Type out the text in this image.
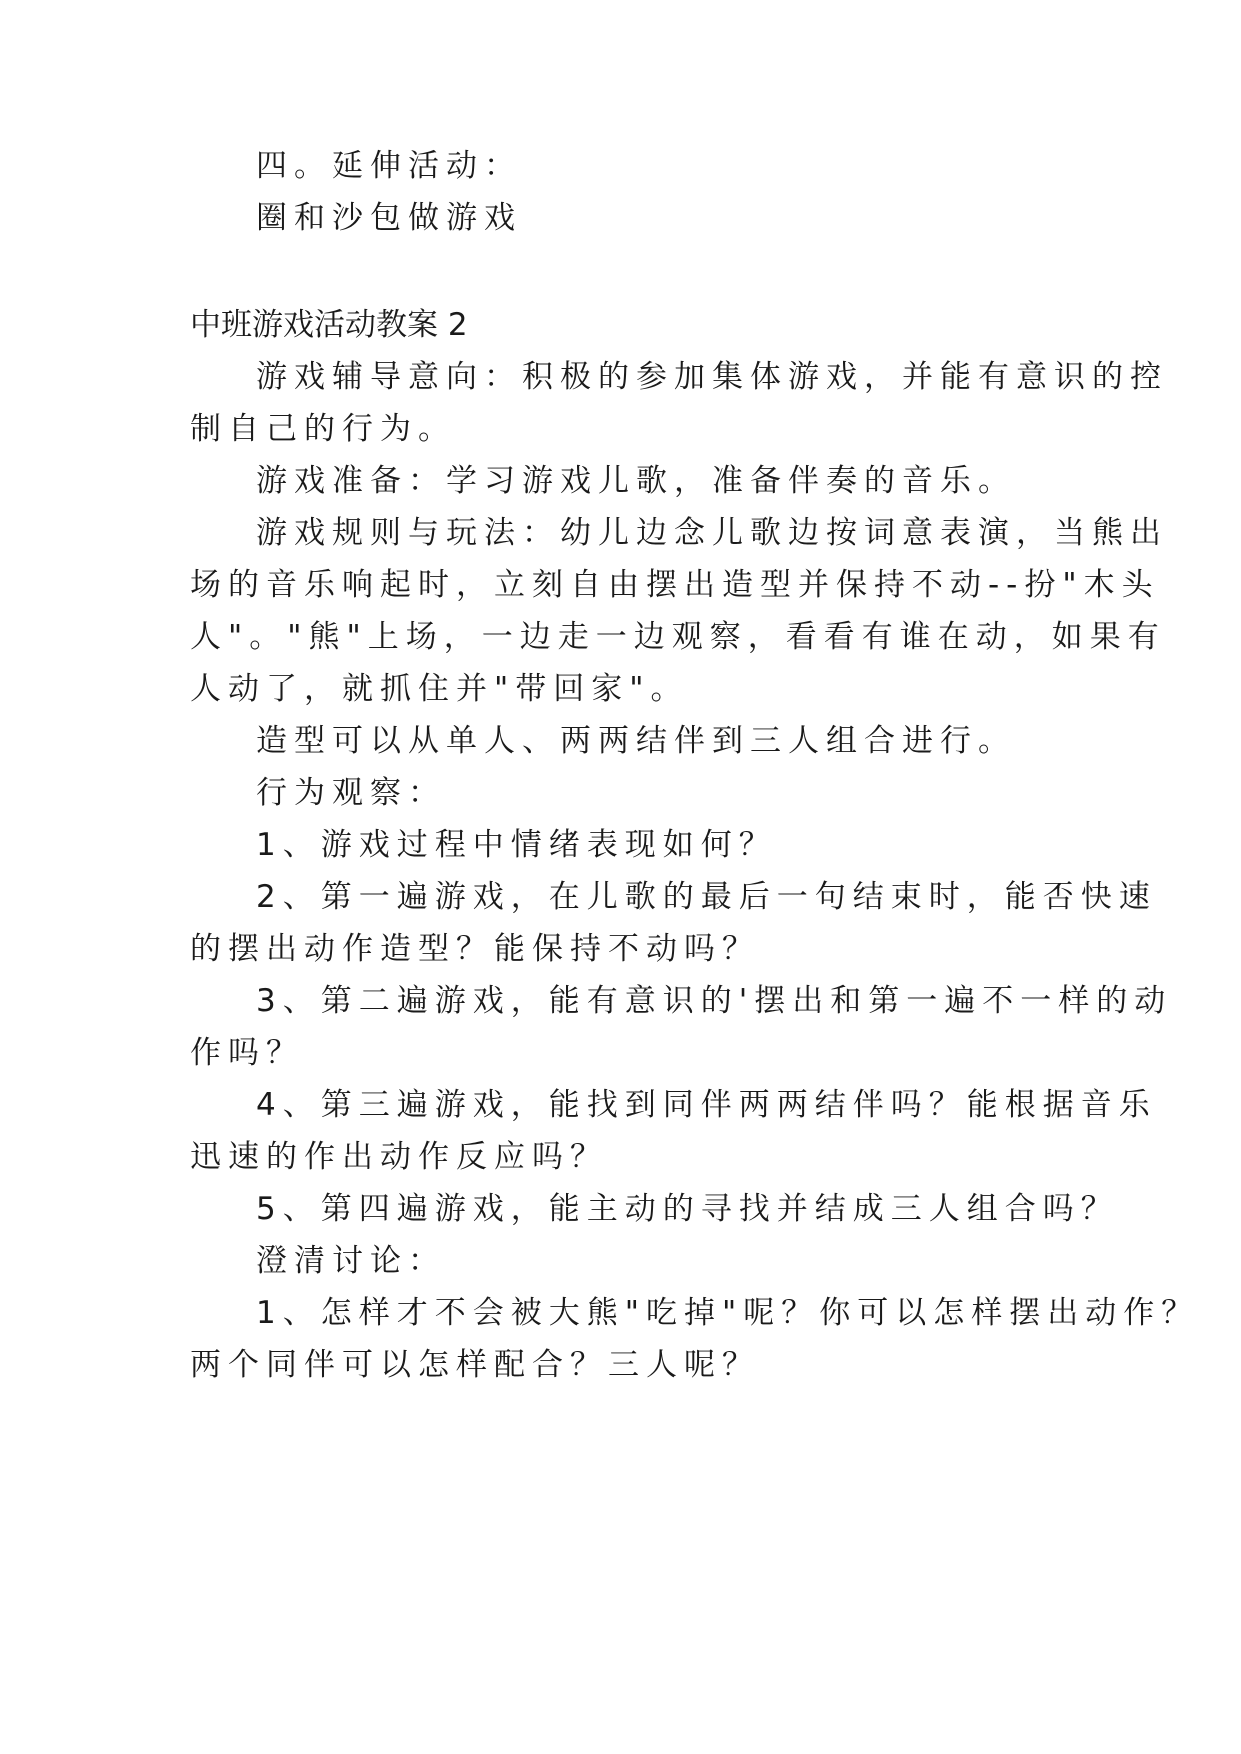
四。延伸活动：
圈和沙包做游戏
中班游戏活动教案 2
游戏辅导意向：积极的参加集体游戏，并能有意识的控
制自己的行为。
游戏准备：学习游戏儿歌，准备伴奏的音乐。
游戏规则与玩法：幼儿边念儿歌边按词意表演，当熊出
场的音乐响起时，立刻自由摆出造型并保持不动--扮"木头
人"。"熊"上场，一边走一边观察，看看有谁在动，如果有
人动了，就抓住并"带回家"。
造型可以从单人、两两结伴到三人组合进行。
行为观察：
1、游戏过程中情绪表现如何？
2、第一遍游戏，在儿歌的最后一句结束时，能否快速
的摆出动作造型？能保持不动吗？
3、第二遍游戏，能有意识的'摆出和第一遍不一样的动
作吗？
4、第三遍游戏，能找到同伴两两结伴吗？能根据音乐
迅速的作出动作反应吗？
5、第四遍游戏，能主动的寻找并结成三人组合吗？
澄清讨论：
1、怎样才不会被大熊"吃掉"呢？你可以怎样摆出动作？
两个同伴可以怎样配合？三人呢？
